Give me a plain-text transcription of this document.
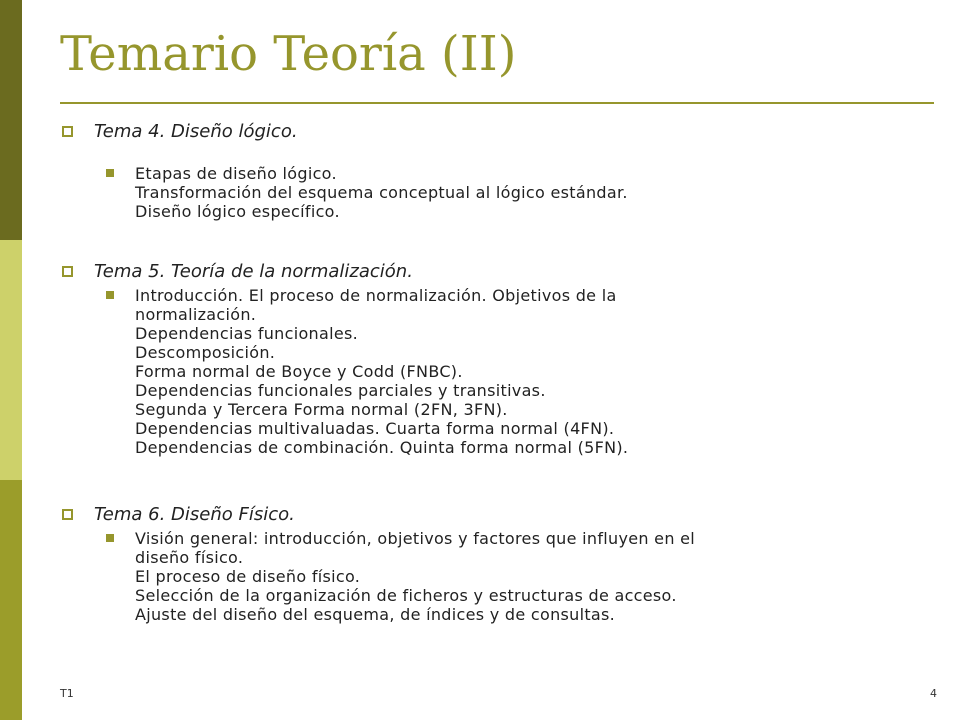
Temario Teoría (II)
Tema 4. Diseño lógico.
Etapas de diseño lógico.
Transformación del esquema conceptual al lógico estándar.
Diseño lógico específico.
Tema 5. Teoría de la normalización.
Introducción. El proceso de normalización. Objetivos de la
normalización.
Dependencias funcionales.
Descomposición.
Forma normal de Boyce y Codd (FNBC).
Dependencias funcionales parciales y transitivas.
Segunda y Tercera Forma normal (2FN, 3FN).
Dependencias multivaluadas. Cuarta forma normal (4FN).
Dependencias de combinación. Quinta forma normal (5FN).
Tema 6. Diseño Físico.
Visión general: introducción, objetivos y factores que influyen en el
diseño físico.
El proceso de diseño físico.
Selección de la organización de ficheros y estructuras de acceso.
Ajuste del diseño del esquema, de índices y de consultas.
T1	4
